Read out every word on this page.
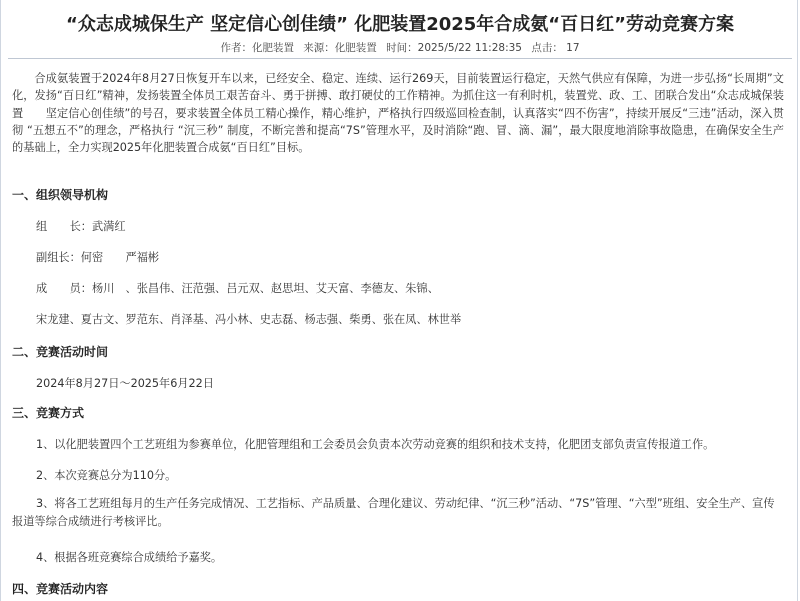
“众志成城保生产 坚定信心创佳绩” 化肥装置2025年合成氨“百日红”劳动竞赛方案
作者：化肥装置 来源：化肥装置 时间：2025/5/22 11:28:35 点击： 17

合成氨装置于2024年8月27日恢复开车以来，已经安全、稳定、连续、运行269天，目前装置运行稳定，天然气供应有保障，为进一步弘扬“长周期”文化，发扬“百日红”精神，发扬装置全体员工艰苦奋斗、勇于拼搏、敢打硬仗的工作精神。为抓住这一有利时机，装置党、政、工、团联合发出“众志成城保装置　　坚定信心创佳绩”的号召，要求装置全体员工精心操作，精心维护，严格执行四级巡回检查制，认真落实“四不伤害”，持续开展反“三违”活动，深入贯彻 “五想五不”的理念，严格执行 “沉三秒” 制度，不断完善和提高“7S”管理水平，及时消除“跑、冒、滴、漏”，最大限度地消除事故隐患，在确保安全生产的基础上，全力实现2025年化肥装置合成氨“百日红”目标。

一、组织领导机构
组　　长：武满红
副组长：何密　　严福彬
成　　员：杨川　、张昌伟、汪范强、吕元双、赵思坦、艾天富、李德友、朱锦、
宋龙建、夏古文、罗范东、肖泽基、冯小林、史志磊、杨志强、柴勇、张在凤、林世举
二、竞赛活动时间
2024年8月27日～2025年6月22日
三、竞赛方式
1、以化肥装置四个工艺班组为参赛单位，化肥管理组和工会委员会负责本次劳动竞赛的组织和技术支持，化肥团支部负责宣传报道工作。
2、本次竞赛总分为110分。
3、将各工艺班组每月的生产任务完成情况、工艺指标、产品质量、合理化建议、劳动纪律、“沉三秒”活动、“7S”管理、“六型”班组、安全生产、宣传报道等综合成绩进行考核评比。
4、根据各班竞赛综合成绩给予嘉奖。
四、竞赛活动内容
